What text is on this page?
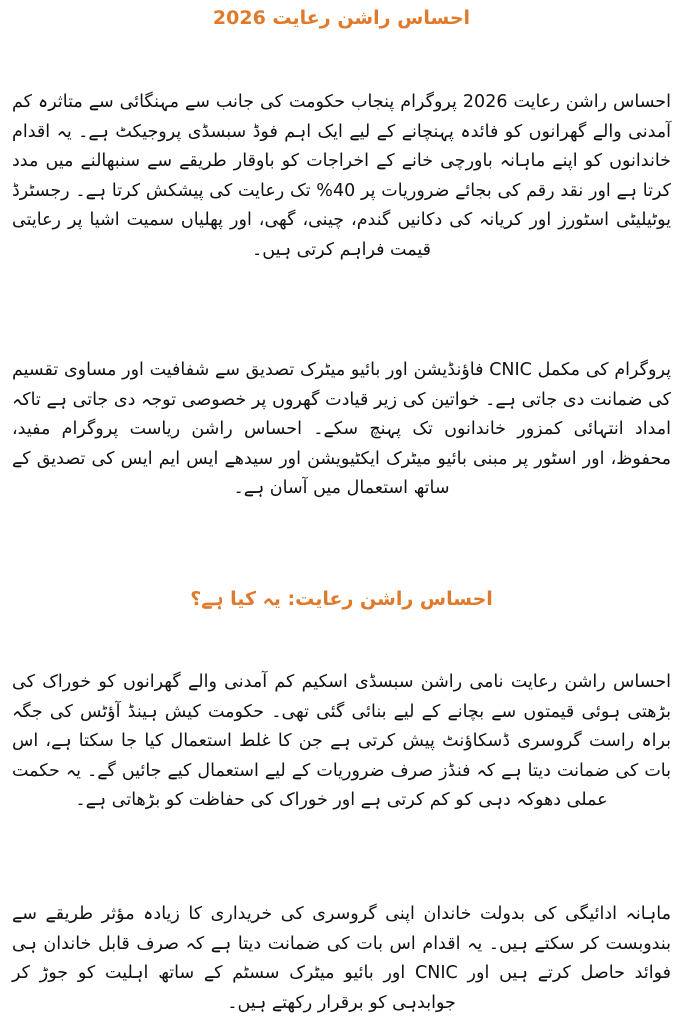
احساس راشن رعایت 2026

احساس راشن رعایت 2026 پروگرام پنجاب حکومت کی جانب سے مہنگائی سے متاثرہ کم آمدنی والے گھرانوں کو فائدہ پہنچانے کے لیے ایک اہم فوڈ سبسڈی پروجیکٹ ہے۔ یہ اقدام خاندانوں کو اپنے ماہانہ باورچی خانے کے اخراجات کو باوقار طریقے سے سنبھالنے میں مدد کرتا ہے اور نقد رقم کی بجائے ضروریات پر 40% تک رعایت کی پیشکش کرتا ہے۔ رجسٹرڈ یوٹیلیٹی اسٹورز اور کریانہ کی دکانیں گندم، چینی، گھی، اور پھلیاں سمیت اشیا پر رعایتی قیمت فراہم کرتی ہیں۔

پروگرام کی مکمل CNIC فاؤنڈیشن اور بائیو میٹرک تصدیق سے شفافیت اور مساوی تقسیم کی ضمانت دی جاتی ہے۔ خواتین کی زیر قیادت گھروں پر خصوصی توجہ دی جاتی ہے تاکہ امداد انتہائی کمزور خاندانوں تک پہنچ سکے۔ احساس راشن ریاست پروگرام مفید، محفوظ، اور اسٹور پر مبنی بائیو میٹرک ایکٹیویشن اور سیدھے ایس ایم ایس کی تصدیق کے ساتھ استعمال میں آسان ہے۔

احساس راشن رعایت: یہ کیا ہے؟

احساس راشن رعایت نامی راشن سبسڈی اسکیم کم آمدنی والے گھرانوں کو خوراک کی بڑھتی ہوئی قیمتوں سے بچانے کے لیے بنائی گئی تھی۔ حکومت کیش ہینڈ آؤٹس کی جگہ براہ راست گروسری ڈسکاؤنٹ پیش کرتی ہے جن کا غلط استعمال کیا جا سکتا ہے، اس بات کی ضمانت دیتا ہے کہ فنڈز صرف ضروریات کے لیے استعمال کیے جائیں گے۔ یہ حکمت عملی دھوکہ دہی کو کم کرتی ہے اور خوراک کی حفاظت کو بڑھاتی ہے۔

ماہانہ ادائیگی کی بدولت خاندان اپنی گروسری کی خریداری کا زیادہ مؤثر طریقے سے بندوبست کر سکتے ہیں۔ یہ اقدام اس بات کی ضمانت دیتا ہے کہ صرف قابل خاندان ہی فوائد حاصل کرتے ہیں اور CNIC اور بائیو میٹرک سسٹم کے ساتھ اہلیت کو جوڑ کر جوابدہی کو برقرار رکھتے ہیں۔
